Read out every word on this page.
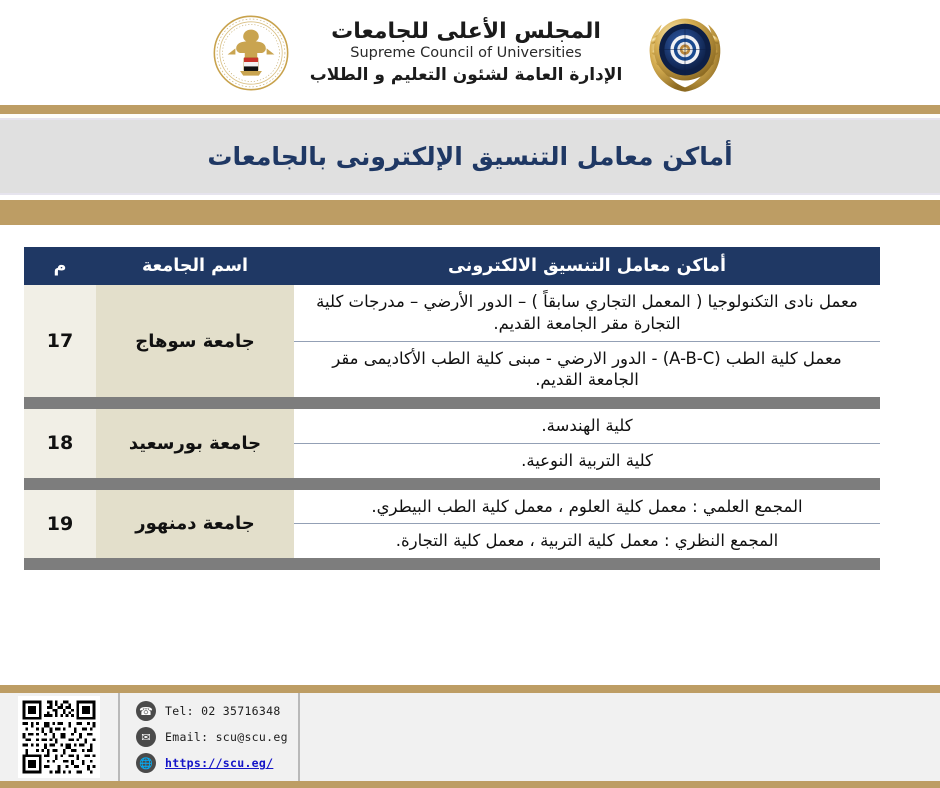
المجلس الأعلى للجامعات
Supreme Council of Universities
الإدارة العامة لشئون التعليم و الطلاب
أماكن معامل التنسيق الإلكترونى بالجامعات
أماكن معامل التنسيق الالكترونى	اسم الجامعة	م
معمل نادى التكنولوجيا ( المعمل التجاري سابقاً ) – الدور الأرضي – مدرجات كلية التجارة مقر الجامعة القديم.	جامعة سوهاج	17
معمل كلية الطب (A-B-C) - الدور الارضي - مبنى كلية الطب الأكاديمى مقر الجامعة القديم.		

كلية الهندسة.	جامعة بورسعيد	18
كلية التربية النوعية.		

المجمع العلمي : معمل كلية العلوم ، معمل كلية الطب البيطري.	جامعة دمنهور	19
المجمع النظري : معمل كلية التربية ، معمل كلية التجارة.		

☎ Tel: 02 35716348
✉	Email: scu@scu.eg
🌐 https://scu.eg/
